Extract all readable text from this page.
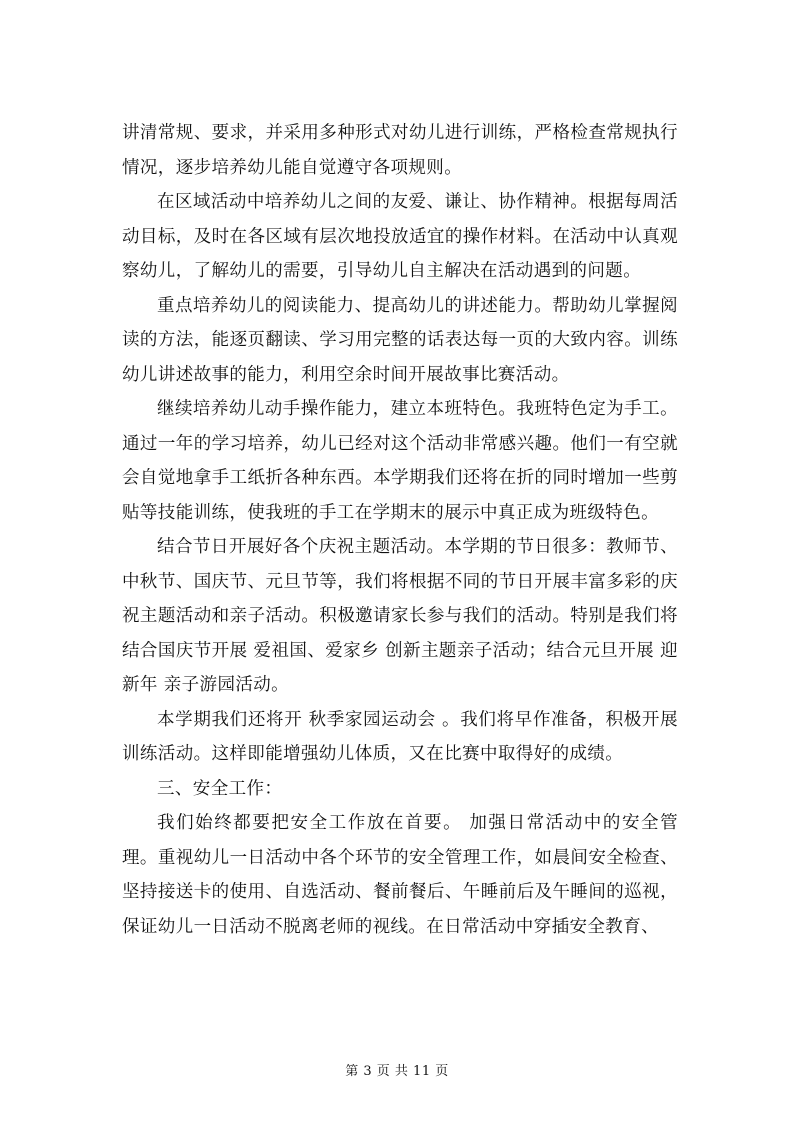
讲清常规、要求，并采用多种形式对幼儿进行训练，严格检查常规执行情况，逐步培养幼儿能自觉遵守各项规则。

在区域活动中培养幼儿之间的友爱、谦让、协作精神。根据每周活动目标，及时在各区域有层次地投放适宜的操作材料。在活动中认真观察幼儿，了解幼儿的需要，引导幼儿自主解决在活动遇到的问题。

重点培养幼儿的阅读能力、提高幼儿的讲述能力。帮助幼儿掌握阅读的方法，能逐页翻读、学习用完整的话表达每一页的大致内容。训练幼儿讲述故事的能力，利用空余时间开展故事比赛活动。

继续培养幼儿动手操作能力，建立本班特色。我班特色定为手工。通过一年的学习培养，幼儿已经对这个活动非常感兴趣。他们一有空就会自觉地拿手工纸折各种东西。本学期我们还将在折的同时增加一些剪贴等技能训练，使我班的手工在学期末的展示中真正成为班级特色。

结合节日开展好各个庆祝主题活动。本学期的节日很多：教师节、中秋节、国庆节、元旦节等，我们将根据不同的节日开展丰富多彩的庆祝主题活动和亲子活动。积极邀请家长参与我们的活动。特别是我们将结合国庆节开展 爱祖国、爱家乡 创新主题亲子活动；结合元旦开展 迎新年 亲子游园活动。

本学期我们还将开 秋季家园运动会 。我们将早作准备，积极开展训练活动。这样即能增强幼儿体质，又在比赛中取得好的成绩。

三、安全工作：

我们始终都要把安全工作放在首要。 加强日常活动中的安全管理。重视幼儿一日活动中各个环节的安全管理工作，如晨间安全检查、坚持接送卡的使用、自选活动、餐前餐后、午睡前后及午睡间的巡视，保证幼儿一日活动不脱离老师的视线。在日常活动中穿插安全教育、

第 3 页 共 11 页
